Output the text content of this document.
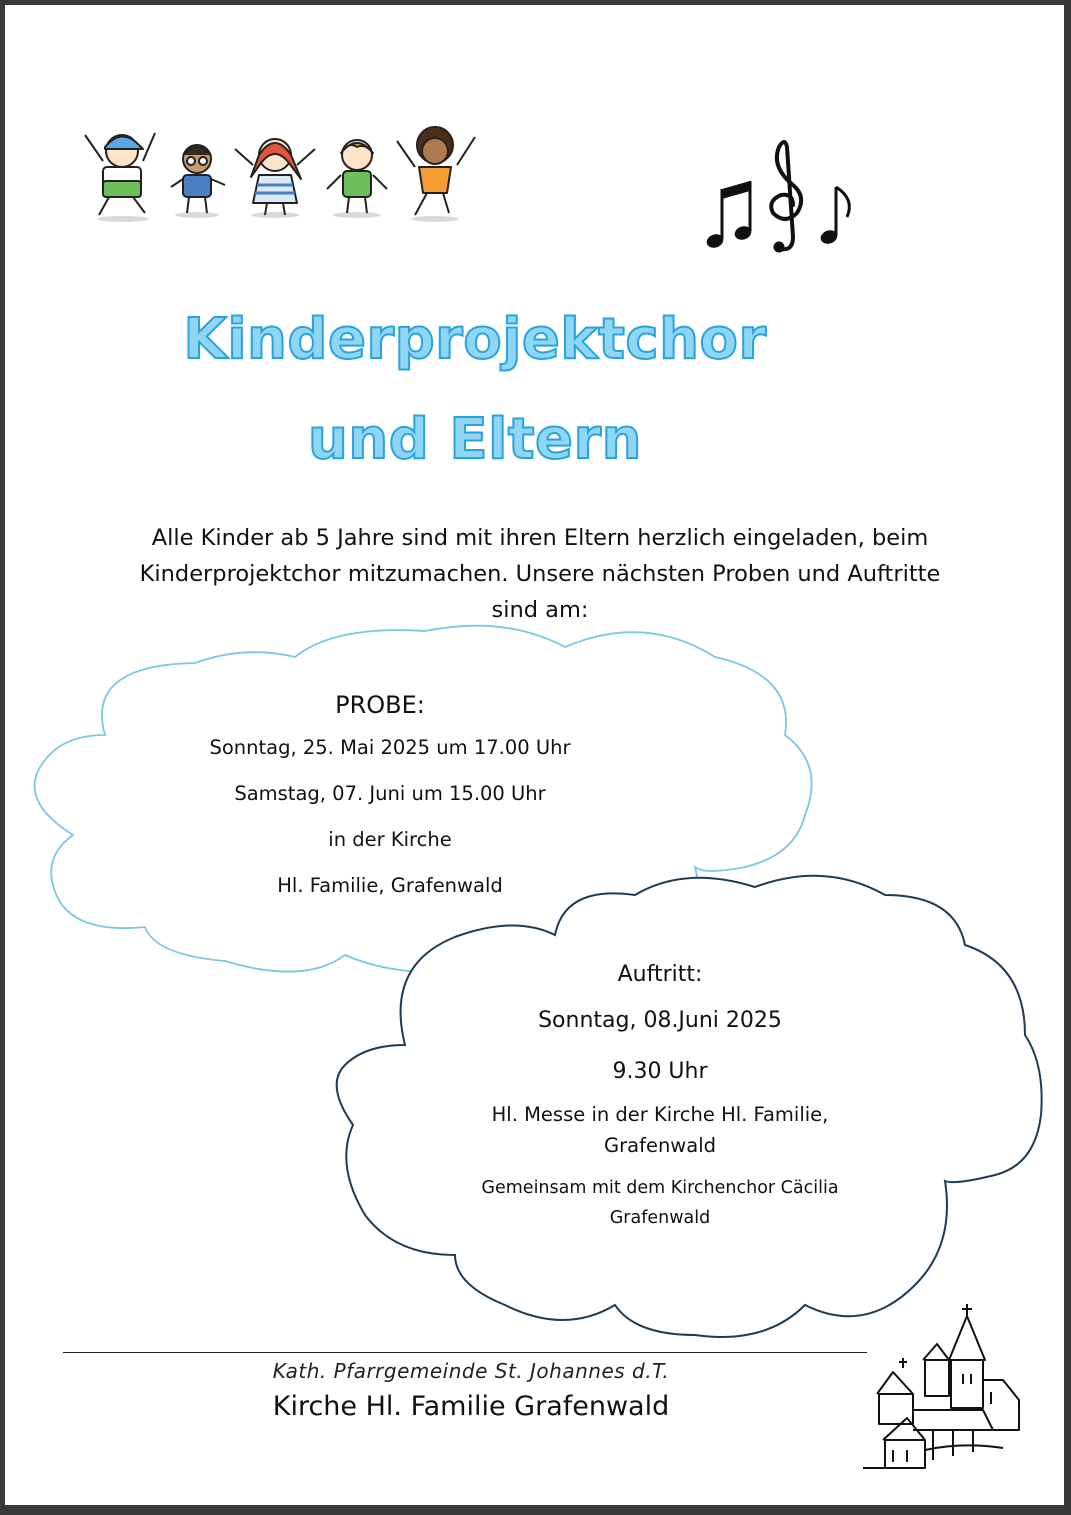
Kinderprojektchor
und Eltern
Alle Kinder ab 5 Jahre sind mit ihren Eltern herzlich eingeladen, beim
Kinderprojektchor mitzumachen. Unsere nächsten Proben und Auftritte
sind am:
PROBE:
Sonntag, 25. Mai 2025 um 17.00 Uhr
Samstag, 07. Juni um 15.00 Uhr
in der Kirche
Hl. Familie, Grafenwald
Auftritt:
Sonntag, 08.Juni 2025
9.30 Uhr
Hl. Messe in der Kirche Hl. Familie,
Grafenwald
Gemeinsam mit dem Kirchenchor Cäcilia
Grafenwald
Kath. Pfarrgemeinde St. Johannes d.T.
Kirche Hl. Familie Grafenwald
